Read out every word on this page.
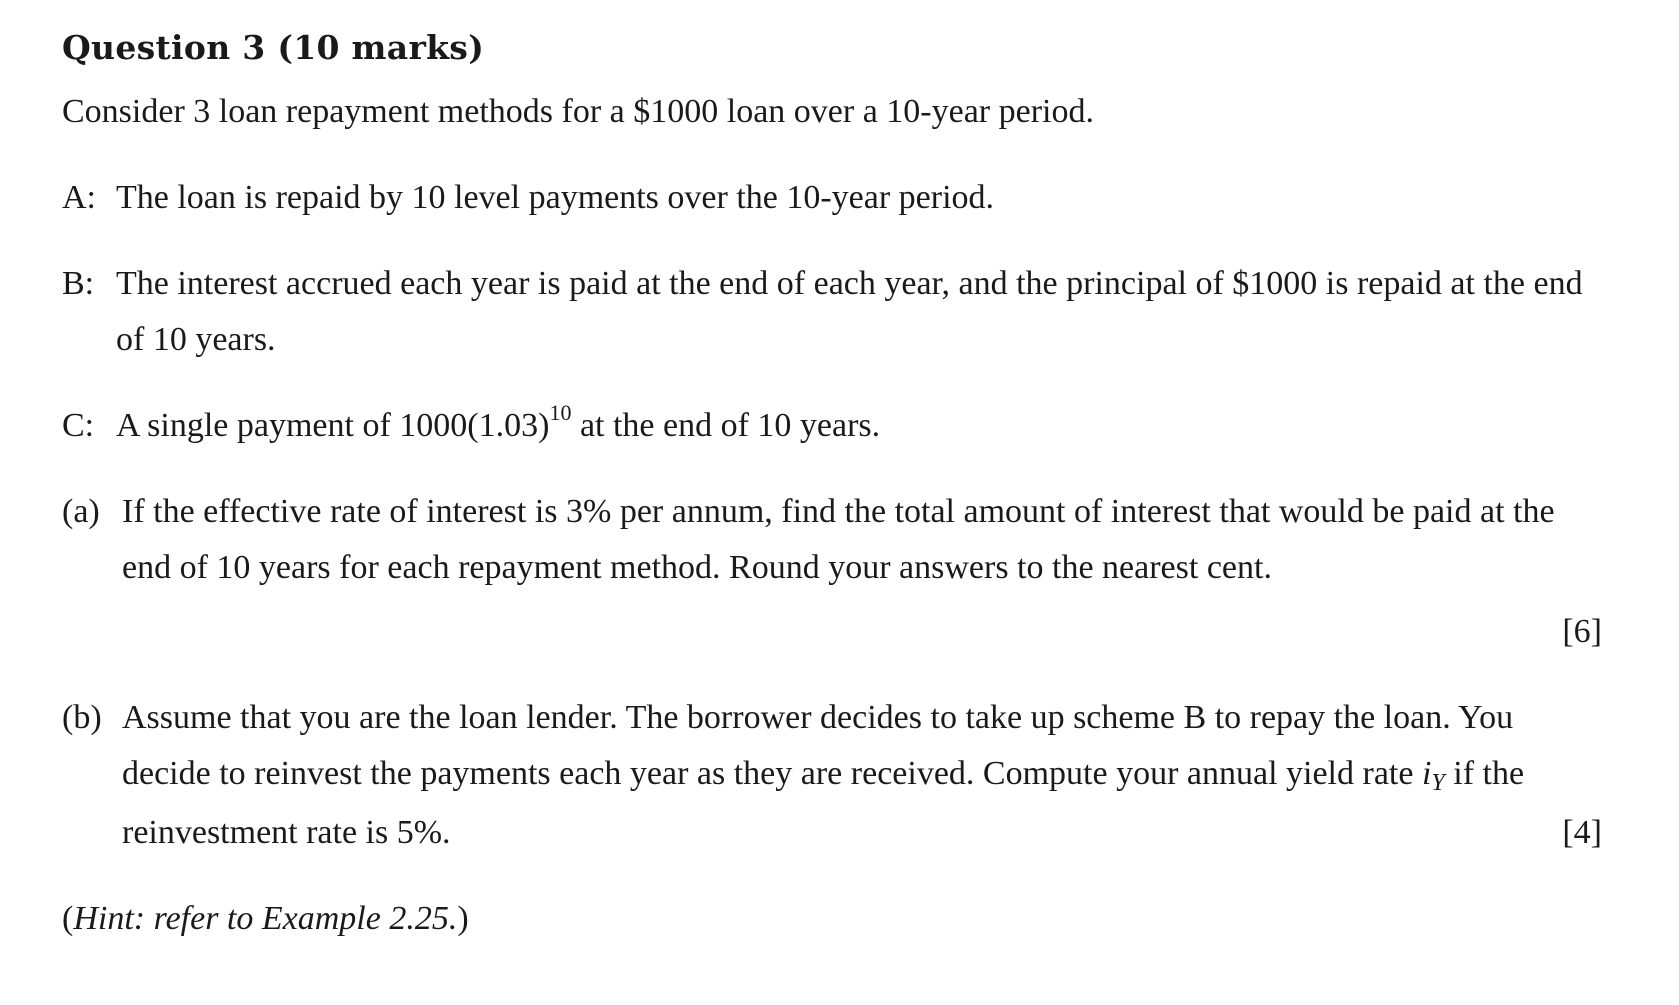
Question 3 (10 marks)
Consider 3 loan repayment methods for a $1000 loan over a 10-year period.
A: The loan is repaid by 10 level payments over the 10-year period.
B: The interest accrued each year is paid at the end of each year, and the principal of $1000 is repaid at the end of 10 years.
C: A single payment of $1000(1.03)^{10}$ at the end of 10 years.
(a) If the effective rate of interest is 3% per annum, find the total amount of interest that would be paid at the end of 10 years for each repayment method. Round your answers to the nearest cent.
[6]
(b) Assume that you are the loan lender. The borrower decides to take up scheme B to repay the loan. You decide to reinvest the payments each year as they are received. Compute your annual yield rate iY if the reinvestment rate is 5%.	[4]
(Hint: refer to Example 2.25.)
